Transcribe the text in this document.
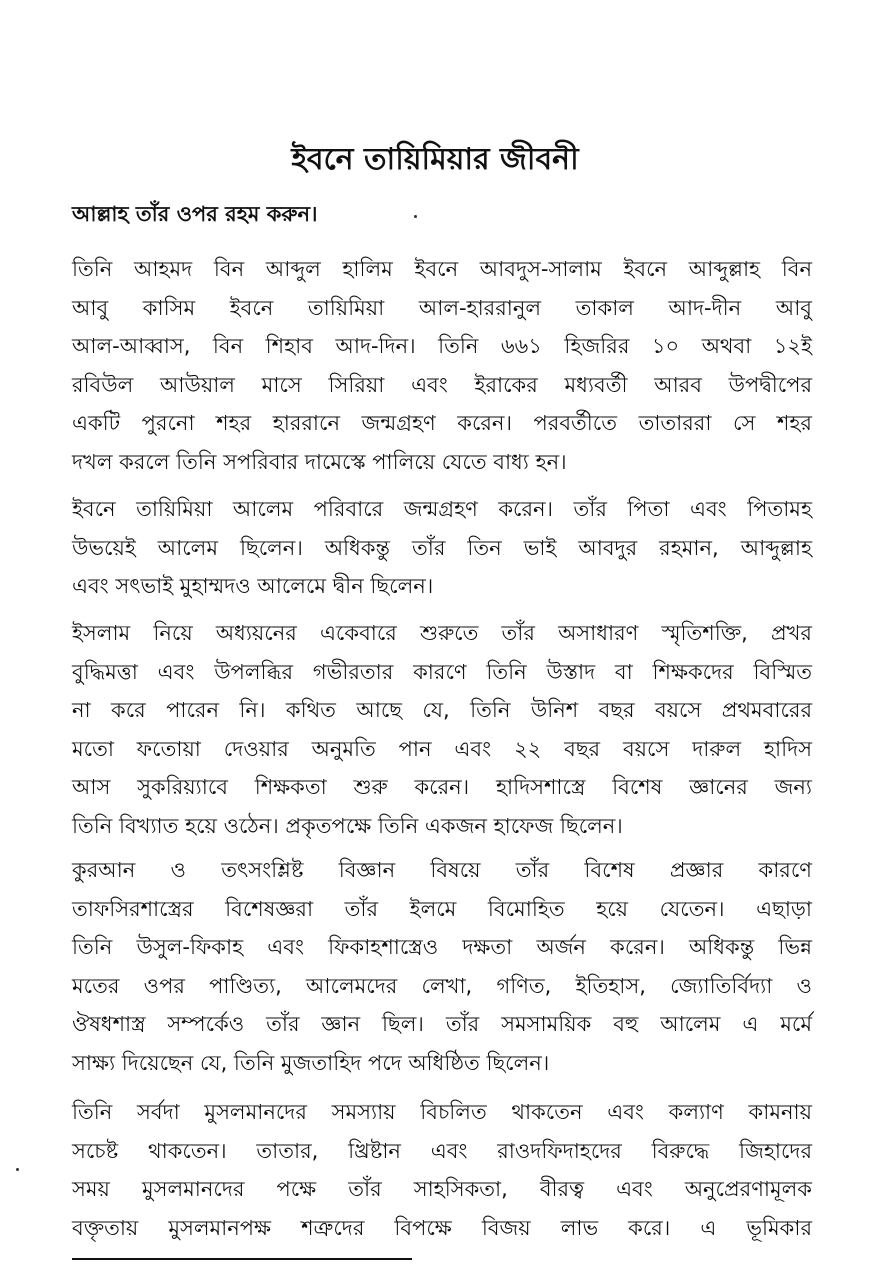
ইবনে তায়িমিয়ার জীবনী
আল্লাহ তাঁর ওপর রহম করুন।
তিনি আহমদ বিন আব্দুল হালিম ইবনে আবদুস-সালাম ইবনে আব্দুল্লাহ বিন
আবু কাসিম ইবনে তায়িমিয়া আল-হাররানুল তাকাল আদ-দীন আবু
আল-আব্বাস, বিন শিহাব আদ-দিন। তিনি ৬৬১ হিজরির ১০ অথবা ১২ই
রবিউল আউয়াল মাসে সিরিয়া এবং ইরাকের মধ্যবর্তী আরব উপদ্বীপের
একটি পুরনো শহর হাররানে জন্মগ্রহণ করেন। পরবর্তীতে তাতাররা সে শহর
দখল করলে তিনি সপরিবার দামেস্কে পালিয়ে যেতে বাধ্য হন।
ইবনে তায়িমিয়া আলেম পরিবারে জন্মগ্রহণ করেন। তাঁর পিতা এবং পিতামহ
উভয়েই আলেম ছিলেন। অধিকন্তু তাঁর তিন ভাই আবদুর রহমান, আব্দুল্লাহ
এবং সৎভাই মুহাম্মদও আলেমে দ্বীন ছিলেন।
ইসলাম নিয়ে অধ্যয়নের একেবারে শুরুতে তাঁর অসাধারণ স্মৃতিশক্তি, প্রখর
বুদ্ধিমত্তা এবং উপলব্ধির গভীরতার কারণে তিনি উস্তাদ বা শিক্ষকদের বিস্মিত
না করে পারেন নি। কথিত আছে যে, তিনি উনিশ বছর বয়সে প্রথমবারের
মতো ফতোয়া দেওয়ার অনুমতি পান এবং ২২ বছর বয়সে দারুল হাদিস
আস সুকরিয়্যাবে শিক্ষকতা শুরু করেন। হাদিসশাস্ত্রে বিশেষ জ্ঞানের জন্য
তিনি বিখ্যাত হয়ে ওঠেন। প্রকৃতপক্ষে তিনি একজন হাফেজ ছিলেন।
কুরআন ও তৎসংশ্লিষ্ট বিজ্ঞান বিষয়ে তাঁর বিশেষ প্রজ্ঞার কারণে
তাফসিরশাস্ত্রের বিশেষজ্ঞরা তাঁর ইলমে বিমোহিত হয়ে যেতেন। এছাড়া
তিনি উসুল-ফিকাহ এবং ফিকাহশাস্ত্রেও দক্ষতা অর্জন করেন। অধিকন্তু ভিন্ন
মতের ওপর পাণ্ডিত্য, আলেমদের লেখা, গণিত, ইতিহাস, জ্যোতির্বিদ্যা ও
ঔষধশাস্ত্র সম্পর্কেও তাঁর জ্ঞান ছিল। তাঁর সমসাময়িক বহু আলেম এ মর্মে
সাক্ষ্য দিয়েছেন যে, তিনি মুজতাহিদ পদে অধিষ্ঠিত ছিলেন।
তিনি সর্বদা মুসলমানদের সমস্যায় বিচলিত থাকতেন এবং কল্যাণ কামনায়
সচেষ্ট থাকতেন। তাতার, খ্রিষ্টান এবং রাওদফিদাহদের বিরুদ্ধে জিহাদের
সময় মুসলমানদের পক্ষে তাঁর সাহসিকতা, বীরত্ব এবং অনুপ্রেরণামূলক
বক্তৃতায় মুসলমানপক্ষ শত্রুদের বিপক্ষে বিজয় লাভ করে। এ ভূমিকার
